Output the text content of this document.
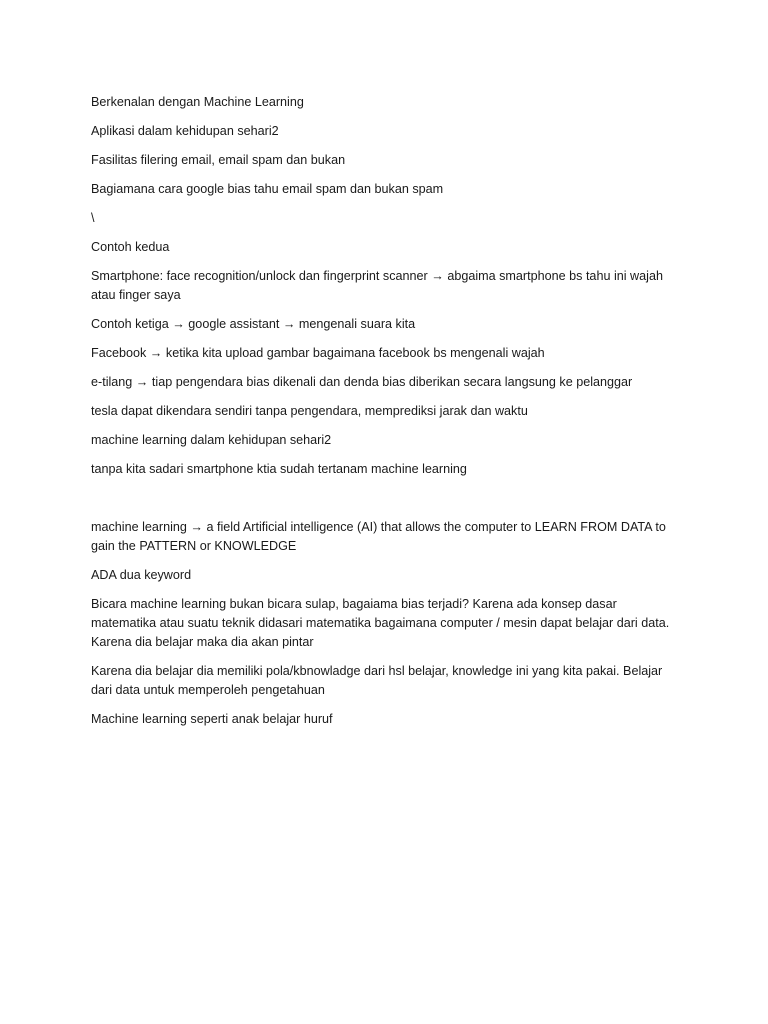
Berkenalan dengan Machine Learning

Aplikasi dalam kehidupan sehari2

Fasilitas filering email, email spam dan bukan

Bagiamana cara google bias tahu email spam dan bukan spam

\

Contoh kedua

Smartphone: face recognition/unlock dan fingerprint scanner → abgaima smartphone bs tahu ini wajah atau finger saya

Contoh ketiga → google assistant → mengenali suara kita

Facebook → ketika kita upload gambar bagaimana facebook bs mengenali wajah

e-tilang → tiap pengendara bias dikenali dan denda bias diberikan secara langsung ke pelanggar

tesla dapat dikendara sendiri tanpa pengendara, memprediksi jarak dan waktu

machine learning dalam kehidupan sehari2

tanpa kita sadari smartphone ktia sudah tertanam machine learning

machine learning → a field Artificial intelligence (AI) that allows the computer to LEARN FROM DATA to gain the PATTERN or KNOWLEDGE

ADA dua keyword

Bicara machine learning bukan bicara sulap, bagaiama bias terjadi? Karena ada konsep dasar matematika atau suatu teknik didasari matematika bagaimana computer / mesin dapat belajar dari data. Karena dia belajar maka dia akan pintar

Karena dia belajar dia memiliki pola/kbnowladge dari hsl belajar, knowledge ini yang kita pakai. Belajar dari data untuk memperoleh pengetahuan

Machine learning seperti anak belajar huruf
